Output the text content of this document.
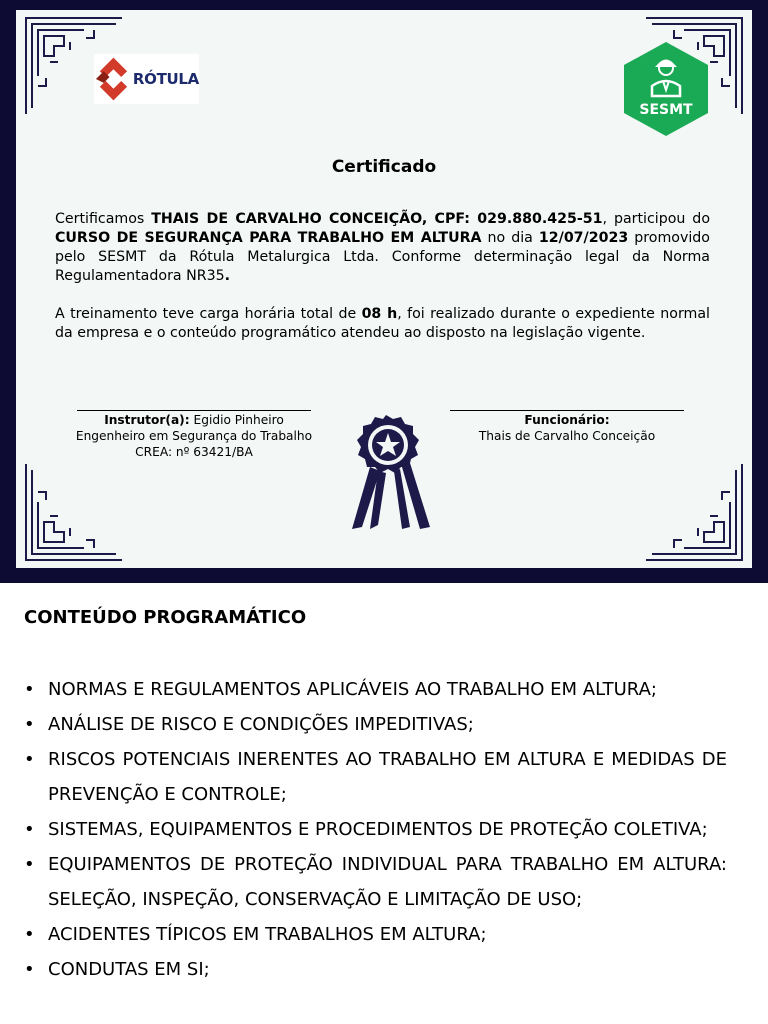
RÓTULA
SESMT
Certificado

Certificamos THAIS DE CARVALHO CONCEIÇÃO, CPF: 029.880.425-51, participou do CURSO DE SEGURANÇA PARA TRABALHO EM ALTURA no dia 12/07/2023 promovido pelo SESMT da Rótula Metalurgica Ltda. Conforme determinação legal da Norma Regulamentadora NR35.

A treinamento teve carga horária total de 08 h, foi realizado durante o expediente normal da empresa e o conteúdo programático atendeu ao disposto na legislação vigente.

Instrutor(a): Egidio Pinheiro
Engenheiro em Segurança do Trabalho
CREA: nº 63421/BA
Funcionário:
Thais de Carvalho Conceição
CONTEÚDO PROGRAMÁTICO
• NORMAS E REGULAMENTOS APLICÁVEIS AO TRABALHO EM ALTURA;
• ANÁLISE DE RISCO E CONDIÇÕES IMPEDITIVAS;
• RISCOS POTENCIAIS INERENTES AO TRABALHO EM ALTURA E MEDIDAS DE PREVENÇÃO E CONTROLE;
• SISTEMAS, EQUIPAMENTOS E PROCEDIMENTOS DE PROTEÇÃO COLETIVA;
• EQUIPAMENTOS DE PROTEÇÃO INDIVIDUAL PARA TRABALHO EM ALTURA: SELEÇÃO, INSPEÇÃO, CONSERVAÇÃO E LIMITAÇÃO DE USO;
• ACIDENTES TÍPICOS EM TRABALHOS EM ALTURA;
• CONDUTAS EM SI;
